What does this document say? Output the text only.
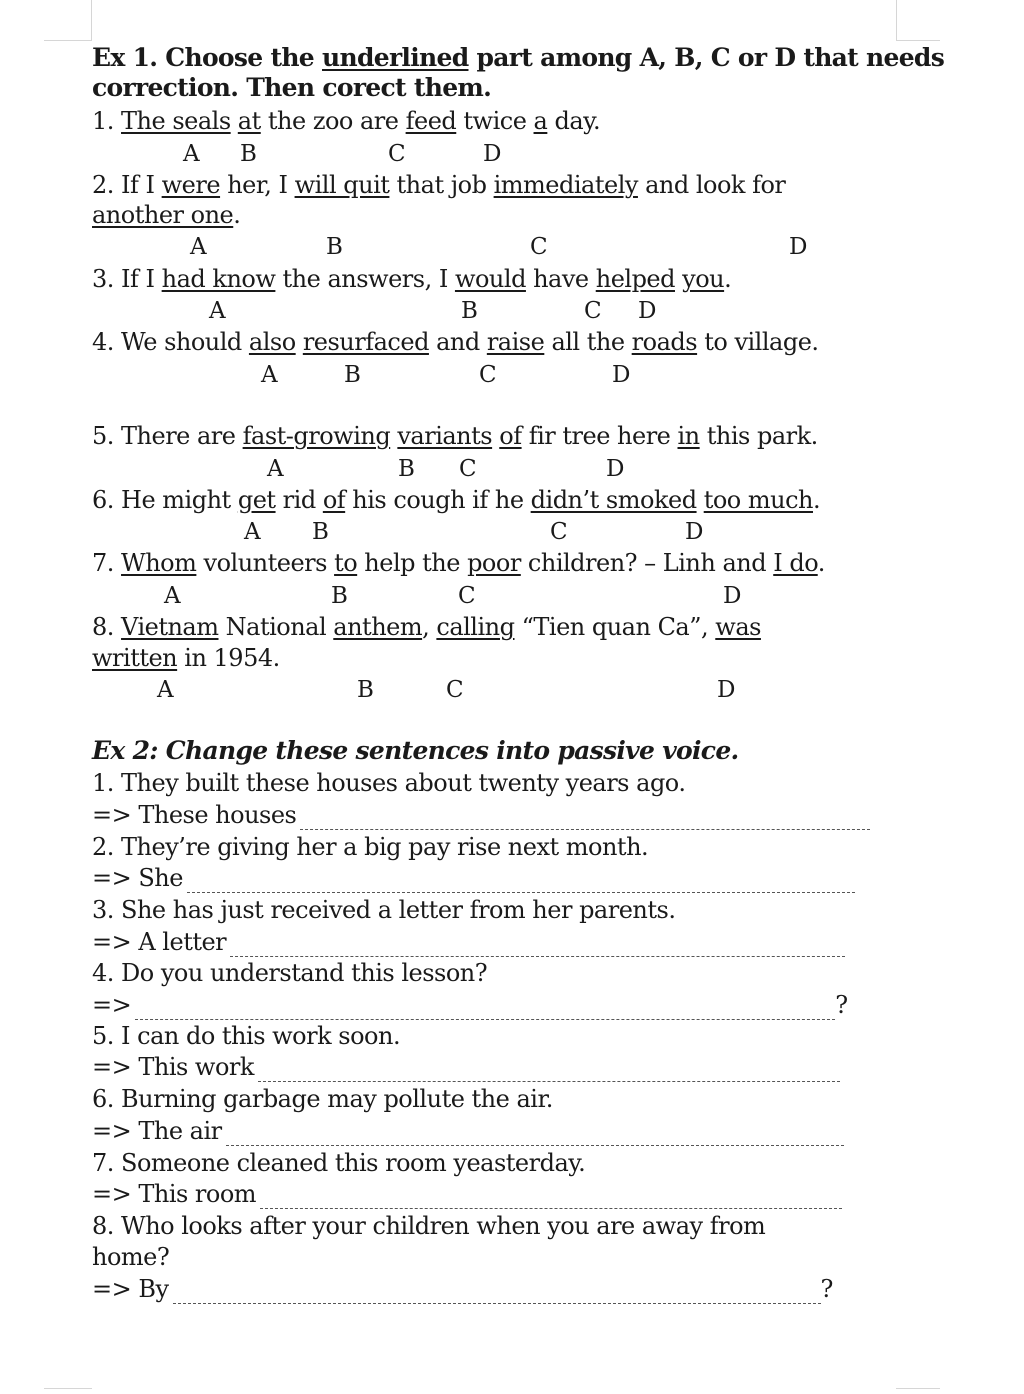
Ex 1. Choose the underlined part among A, B, C or D that needs
correction. Then corect them.
1. The seals at the zoo are feed twice a day.
A B	C	D
2. If I were her, I will quit that job immediately and look for
another one.
A	B	C	D
3. If I had know the answers, I would have helped you.
A	B	C D
4. We should also resurfaced and raise all the roads to village.
A	B	C	D
5. There are fast-growing variants of fir tree here in this park.
A	B C	D
6. He might get rid of his cough if he didn’t smoked too much.
A B	C	D
7. Whom volunteers to help the poor children? – Linh and I do.
A	B	C	D
8. Vietnam National anthem, calling “Tien quan Ca”, was
written in 1954.
A	B	C	D
Ex 2: Change these sentences into passive voice.
1. They built these houses about twenty years ago.
=> These houses
2. They’re giving her a big pay rise next month.
=> She
3. She has just received a letter from her parents.
=> A letter
4. Do you understand this lesson?
=>	?
5. I can do this work soon.
=> This work
6. Burning garbage may pollute the air.
=> The air
7. Someone cleaned this room yeasterday.
=> This room
8. Who looks after your children when you are away from
home?
=> By	?
